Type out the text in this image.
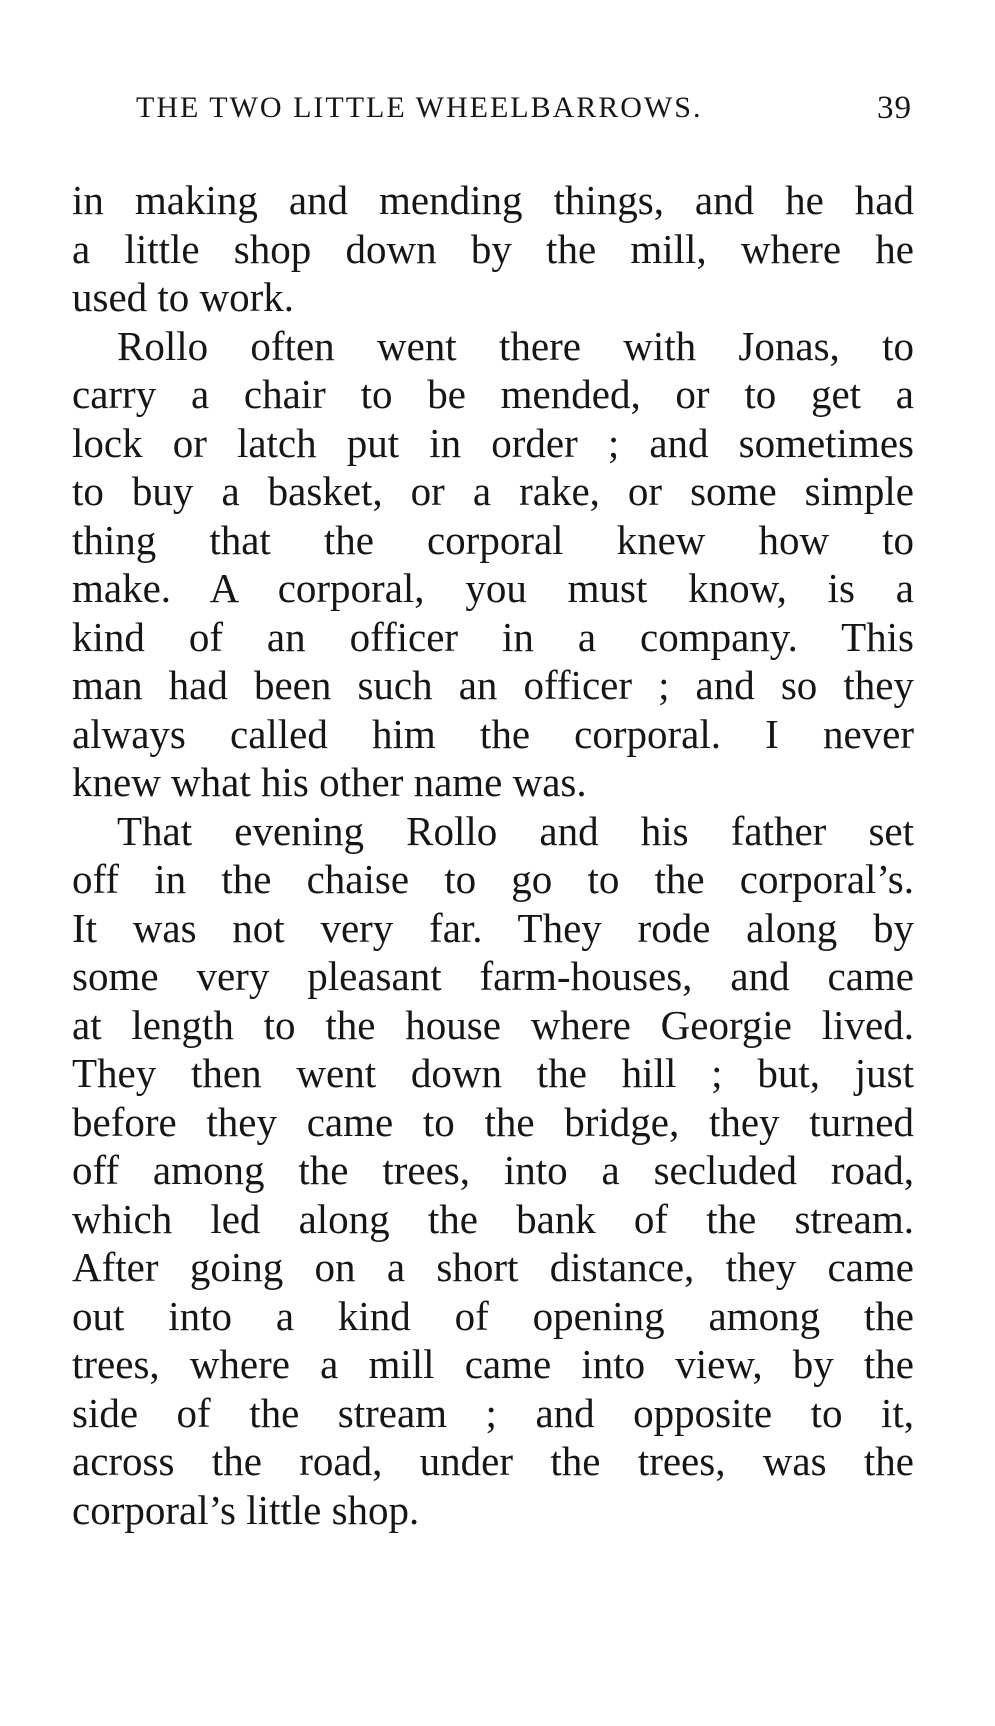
THE TWO LITTLE WHEELBARROWS.	39
in making and mending things, and he had
a little shop down by the mill, where he
used to work.
Rollo often went there with Jonas, to
carry a chair to be mended, or to get a
lock or latch put in order ; and sometimes
to buy a basket, or a rake, or some simple
thing that the corporal knew how to
make. A corporal, you must know, is a
kind of an officer in a company. This
man had been such an officer ; and so they
always called him the corporal. I never
knew what his other name was.
That evening Rollo and his father set
off in the chaise to go to the corporal’s.
It was not very far. They rode along by
some very pleasant farm-houses, and came
at length to the house where Georgie lived.
They then went down the hill ; but, just
before they came to the bridge, they turned
off among the trees, into a secluded road,
which led along the bank of the stream.
After going on a short distance, they came
out into a kind of opening among the
trees, where a mill came into view, by the
side of the stream ; and opposite to it,
across the road, under the trees, was the
corporal’s little shop.
